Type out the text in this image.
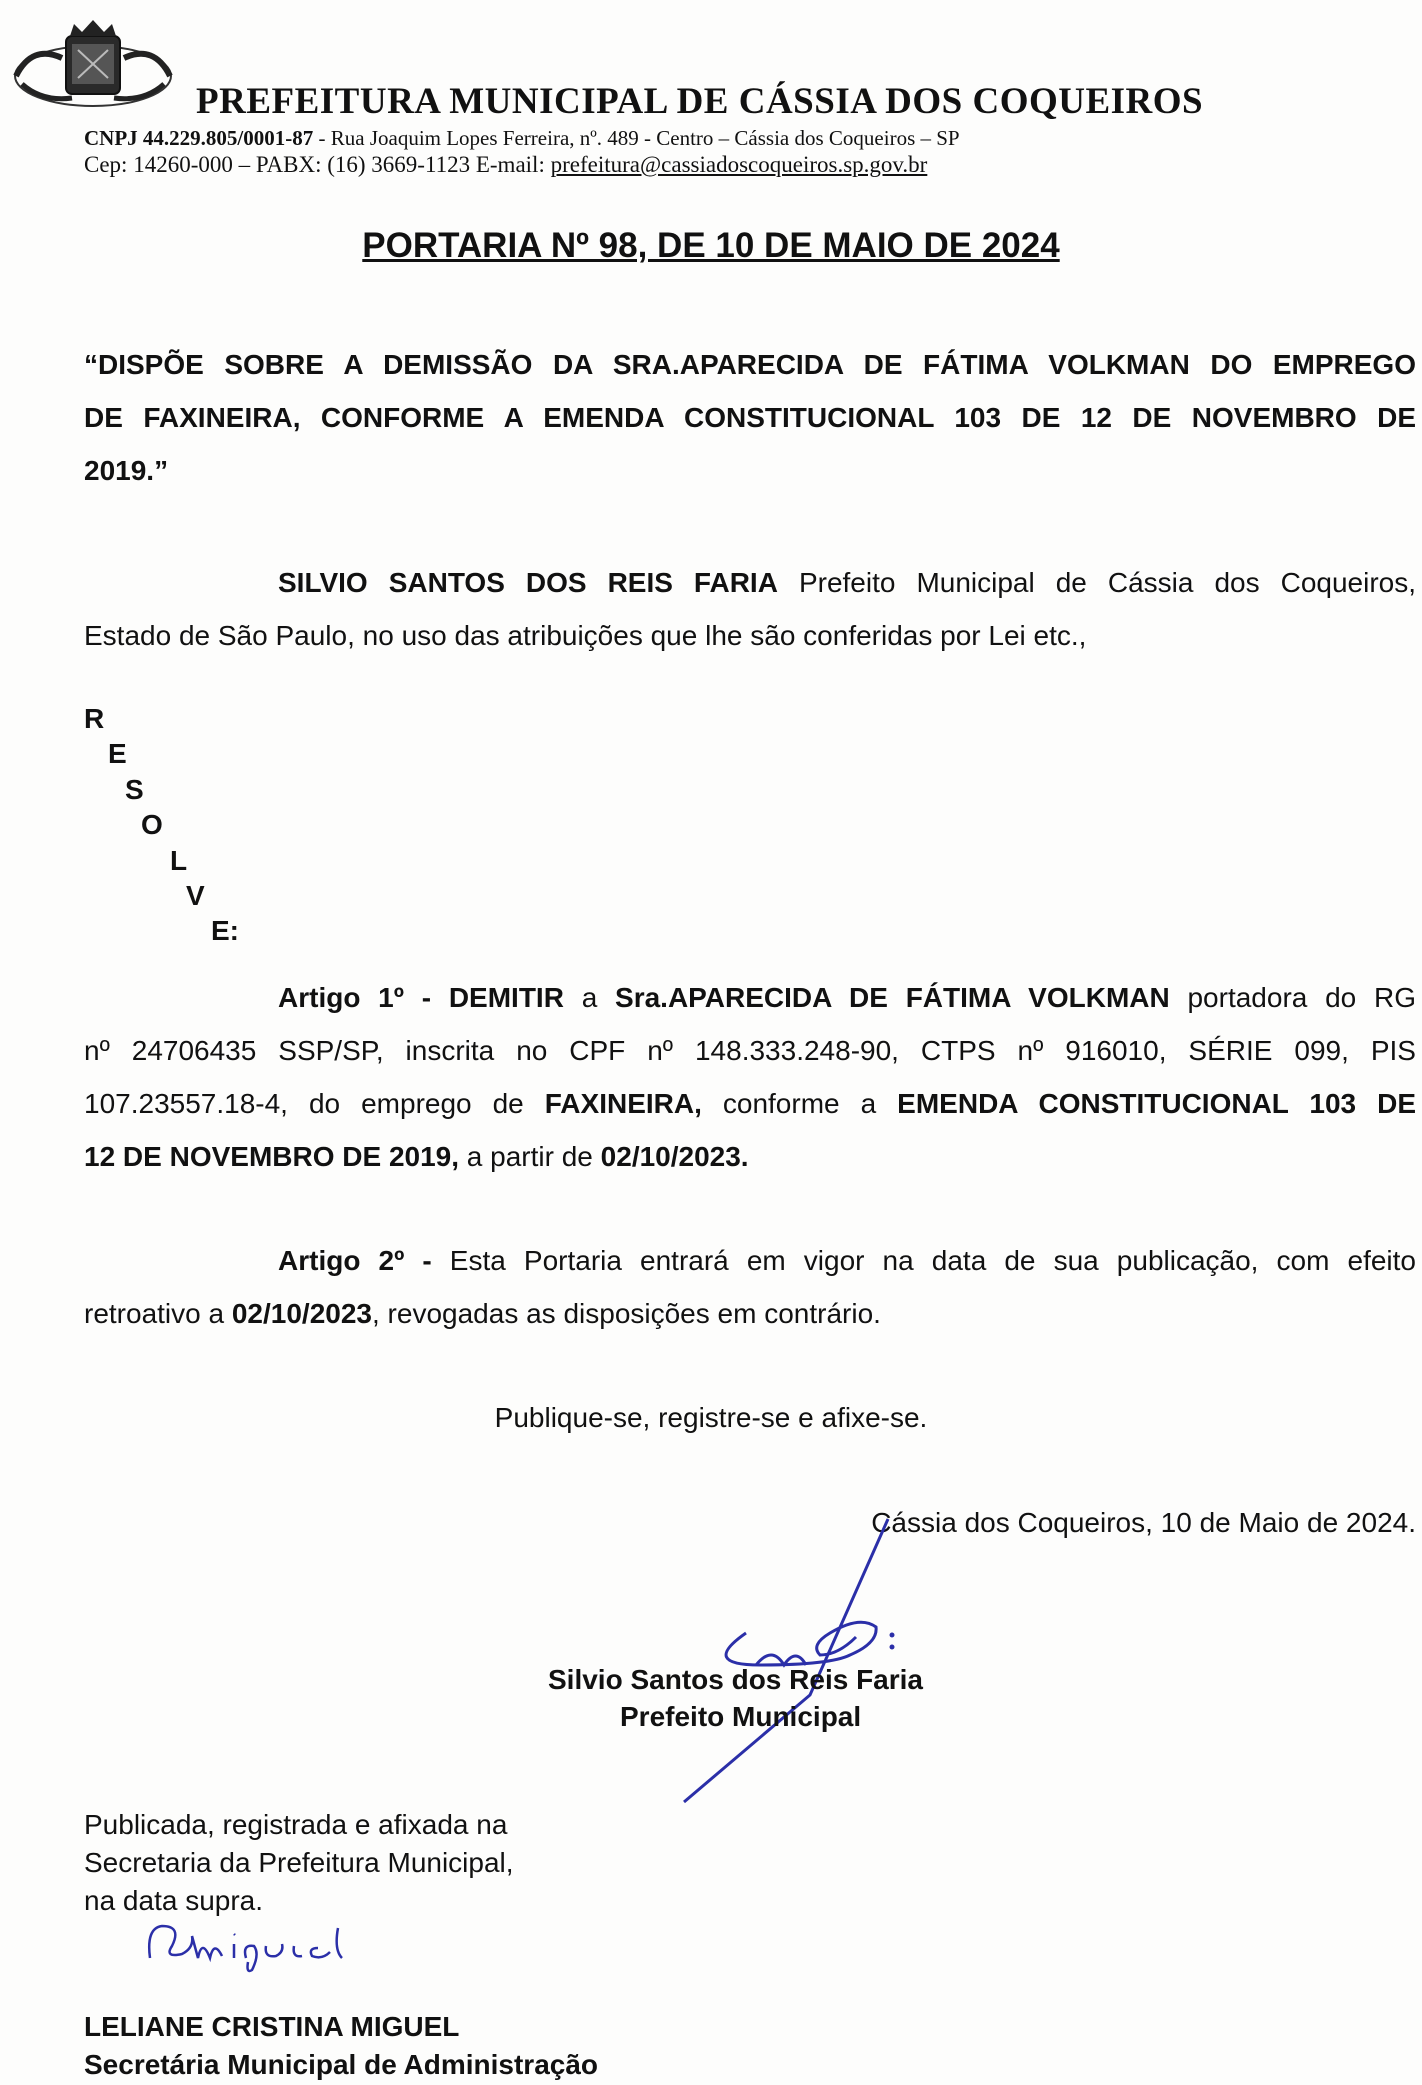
PREFEITURA MUNICIPAL DE CÁSSIA DOS COQUEIROS
CNPJ 44.229.805/0001-87 - Rua Joaquim Lopes Ferreira, nº. 489 - Centro – Cássia dos Coqueiros – SP
Cep: 14260-000 – PABX: (16) 3669-1123 E-mail: prefeitura@cassiadoscoqueiros.sp.gov.br
PORTARIA Nº 98, DE 10 DE MAIO DE 2024
“DISPÕE SOBRE A DEMISSÃO DA SRA.APARECIDA DE FÁTIMA VOLKMAN DO EMPREGO
DE FAXINEIRA, CONFORME A EMENDA CONSTITUCIONAL 103 DE 12 DE NOVEMBRO DE
2019.”
SILVIO SANTOS DOS REIS FARIA Prefeito Municipal de Cássia dos Coqueiros,
Estado de São Paulo, no uso das atribuições que lhe são conferidas por Lei etc.,
R
E
S
O
L
V
E:
Artigo 1º - DEMITIR a Sra.APARECIDA DE FÁTIMA VOLKMAN portadora do RG
nº 24706435 SSP/SP, inscrita no CPF nº 148.333.248-90, CTPS nº 916010, SÉRIE 099, PIS
107.23557.18-4, do emprego de FAXINEIRA, conforme a EMENDA CONSTITUCIONAL 103 DE
12 DE NOVEMBRO DE 2019, a partir de 02/10/2023.
Artigo 2º - Esta Portaria entrará em vigor na data de sua publicação, com efeito
retroativo a 02/10/2023, revogadas as disposições em contrário.
Publique-se, registre-se e afixe-se.
Cássia dos Coqueiros, 10 de Maio de 2024.
Silvio Santos dos Reis Faria
Prefeito Municipal
Publicada, registrada e afixada na
Secretaria da Prefeitura Municipal,
na data supra.
LELIANE CRISTINA MIGUEL
Secretária Municipal de Administração
